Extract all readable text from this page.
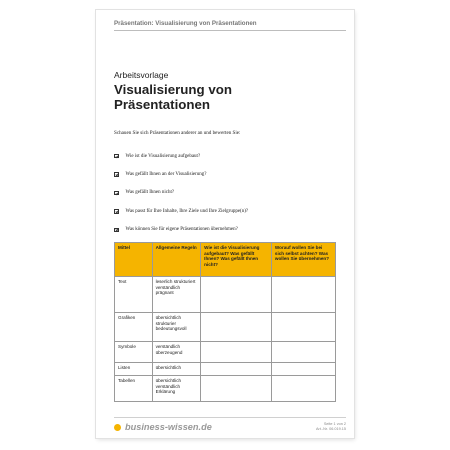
Präsentation: Visualisierung von Präsentationen
Arbeitsvorlage
Visualisierung von Präsentationen
Schauen Sie sich Präsentationen anderer an und bewerten Sie:
Wie ist die Visualisierung aufgebaut?
Was gefällt Ihnen an der Visualisierung?
Was gefällt Ihnen nicht?
Was passt für Ihre Inhalte, Ihre Ziele und Ihre Zielgruppe(n)?
Was können Sie für eigene Präsentationen übernehmen?
Mittel	Allgemeine Regeln	Wie ist die Visualisierung aufgebaut? Was gefällt Ihnen? Was gefällt Ihnen nicht?	Worauf wollen Sie bei sich selbst achten? Was wollen Sie übernehmen?
Text	leserlich strukturiert verständlich prägnant		
Grafiken	übersichtlich strukturier bedeutungsvoll		
Symbole	verständlich überzeugend		
Listen	übersichtlich		
Tabellen	übersichtlich verständlich Erklärung		
business-wissen.de	Seite 1 von 2
Art.-Nr. 06.019.15
